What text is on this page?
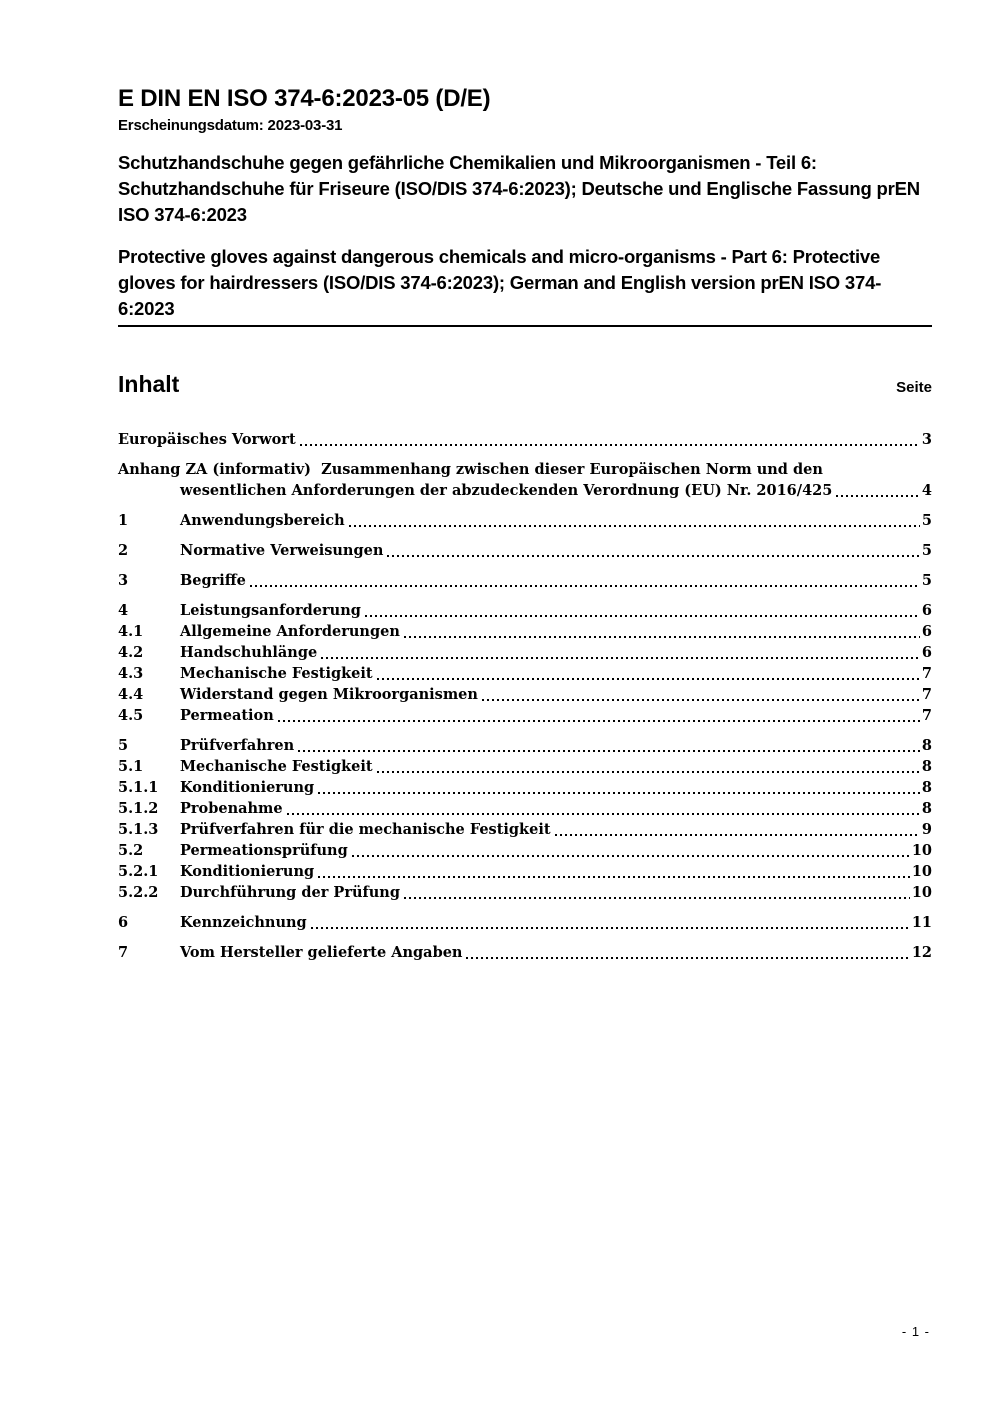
E DIN EN ISO 374-6:2023-05 (D/E)
Erscheinungsdatum: 2023-03-31

Schutzhandschuhe gegen gefährliche Chemikalien und Mikroorganismen - Teil 6: Schutzhandschuhe für Friseure (ISO/DIS 374-6:2023); Deutsche und Englische Fassung prEN ISO 374-6:2023

Protective gloves against dangerous chemicals and micro-organisms - Part 6: Protective gloves for hairdressers (ISO/DIS 374-6:2023); German and English version prEN ISO 374-6:2023

Inhalt	Seite
Europäisches Vorwort	3
Anhang ZA (informativ)  Zusammenhang zwischen dieser Europäischen Norm und den
wesentlichen Anforderungen der abzudeckenden Verordnung (EU) Nr. 2016/425	4
1	Anwendungsbereich	5
2	Normative Verweisungen	5
3	Begriffe	5
4	Leistungsanforderung	6
4.1	Allgemeine Anforderungen	6
4.2	Handschuhlänge	6
4.3	Mechanische Festigkeit	7
4.4	Widerstand gegen Mikroorganismen	7
4.5	Permeation	7
5	Prüfverfahren	8
5.1	Mechanische Festigkeit	8
5.1.1	Konditionierung	8
5.1.2	Probenahme	8
5.1.3	Prüfverfahren für die mechanische Festigkeit	9
5.2	Permeationsprüfung	10
5.2.1	Konditionierung	10
5.2.2	Durchführung der Prüfung	10
6	Kennzeichnung	11
7	Vom Hersteller gelieferte Angaben	12
- 1 -
